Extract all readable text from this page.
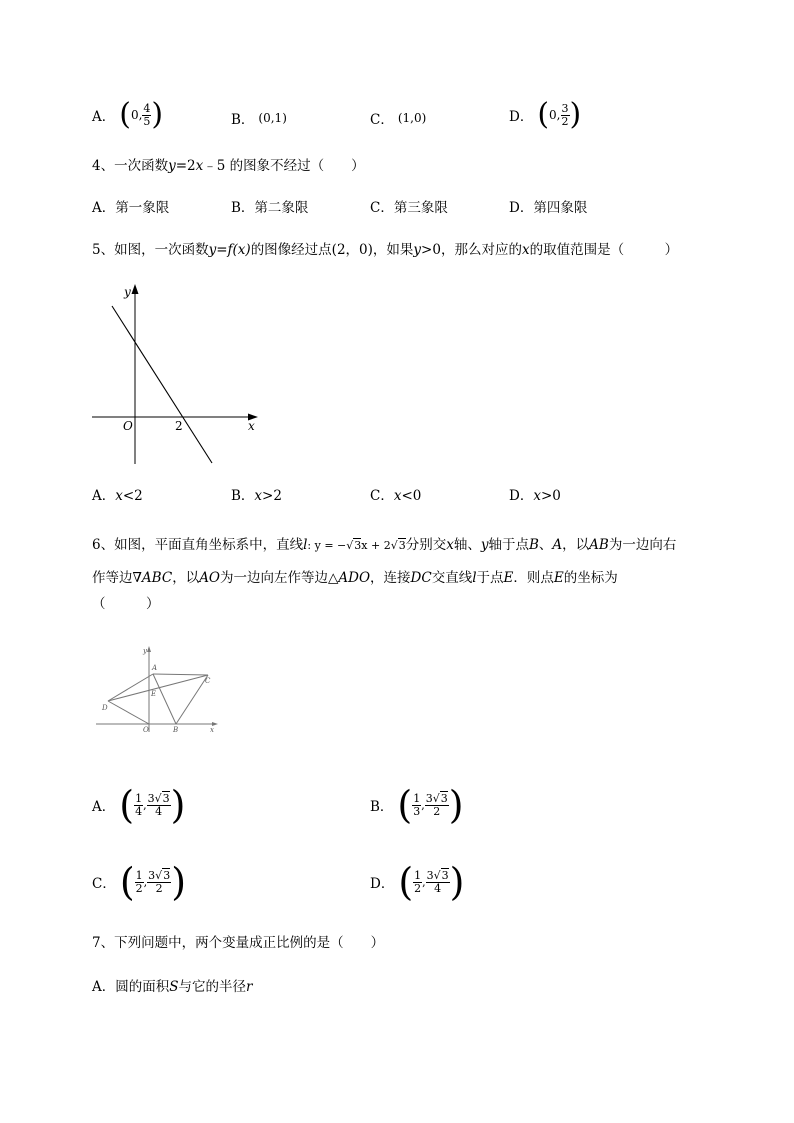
A． ( 0, $\frac{4}{5}$ )	B． (0,1)	C． (1,0)	D． ( 0, $\frac{3}{2}$ )
4、一次函数y=2x﹣5 的图象不经过（　　）
A．第一象限	B．第二象限	C．第三象限	D．第四象限
5、如图，一次函数y=f(x)的图像经过点(2，0)，如果y>0，那么对应的x的取值范围是（　　　）
y
x
O	2
A．x<2	B．x>2	C．x<0	D．x>0
6、如图，平面直角坐标系中，直线l: y = −√3x + 2√3分别交x轴、y轴于点B、A，以AB为一边向右
作等边∇ABC，以AO为一边向左作等边△ADO，连接DC交直线l于点E．则点E的坐标为
（　　　）
y
x
A
C
D
E
O	B
A． ( $\frac{1}{4}$ , $\frac{3√3}{4}$ )	B． ( $\frac{1}{3}$ , $\frac{3√3}{2}$ )
C． ( $\frac{1}{2}$ , $\frac{3√3}{2}$ )	D． ( $\frac{1}{2}$ , $\frac{3√3}{4}$ )
7、下列问题中，两个变量成正比例的是（　　）
A．圆的面积S与它的半径r
